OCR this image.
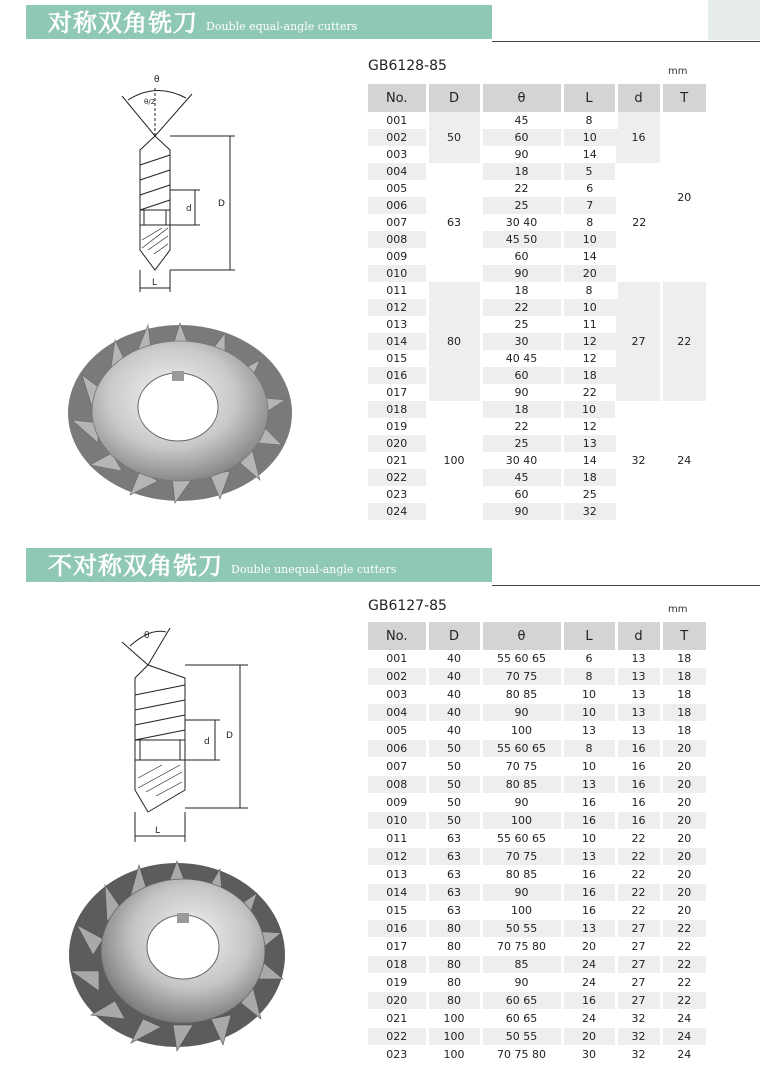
对称双角铣刀 Double equal-angle cutters
GB6128-85	mm
θ
θ/2
D
d
L
No.	D	θ	L	d	T
001	50	45	8	16	20
002		60	10		
003		90	14		
004	63	18	5	22	
005		22	6		
006		25	7		
007		30 40	8		
008		45 50	10		
009		60	14		
010		90	20		
011	80	18	8	27	22
012		22	10		
013		25	11		
014		30	12		
015		40 45	12		
016		60	18		
017		90	22		
018	100	18	10	32	24
019		22	12		
020		25	13		
021		30 40	14		
022		45	18		
023		60	25		
024		90	32		
不对称双角铣刀 Double unequal-angle cutters
GB6127-85	mm
θ
D
d
L
No.	D	θ	L	d	T
001	40	55 60 65	6	13	18
002	40	70 75	8	13	18
003	40	80 85	10	13	18
004	40	90	10	13	18
005	40	100	13	13	18
006	50	55 60 65	8	16	20
007	50	70 75	10	16	20
008	50	80 85	13	16	20
009	50	90	16	16	20
010	50	100	16	16	20
011	63	55 60 65	10	22	20
012	63	70 75	13	22	20
013	63	80 85	16	22	20
014	63	90	16	22	20
015	63	100	16	22	20
016	80	50 55	13	27	22
017	80	70 75 80	20	27	22
018	80	85	24	27	22
019	80	90	24	27	22
020	80	60 65	16	27	22
021	100	60 65	24	32	24
022	100	50 55	20	32	24
023	100	70 75 80	30	32	24
